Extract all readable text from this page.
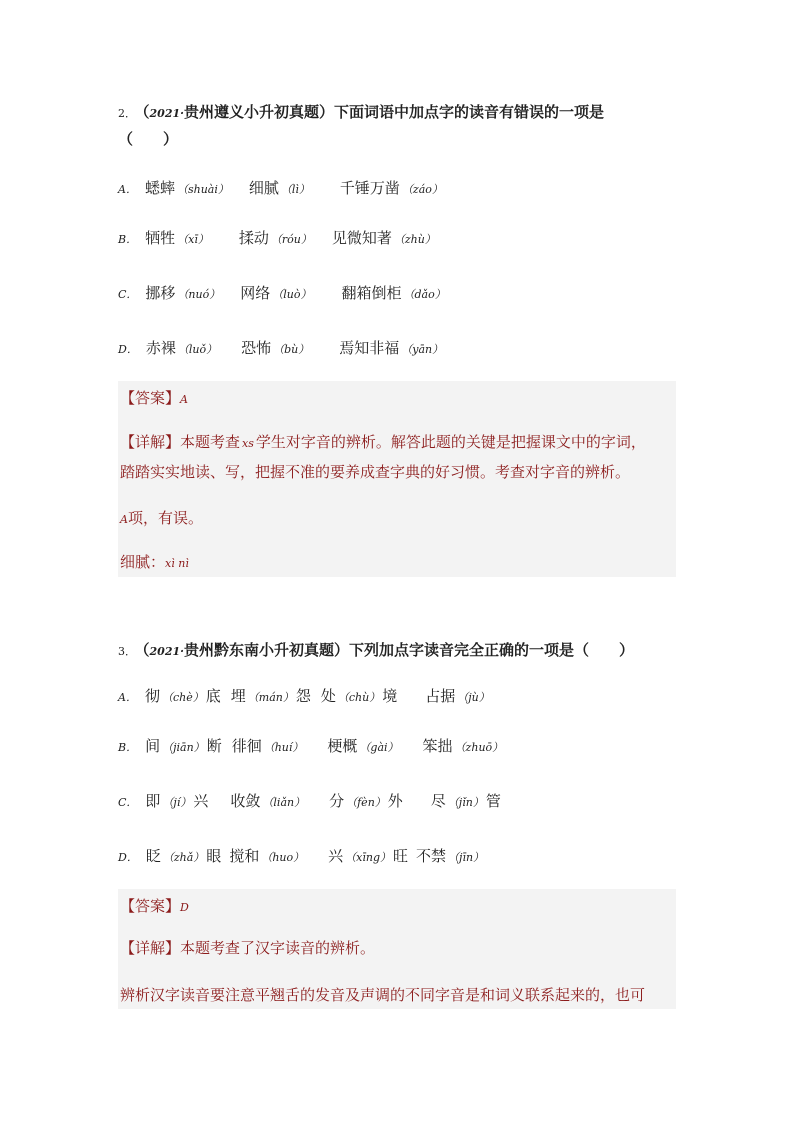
2． （2021·贵州遵义小升初真题）下面词语中加点字的读音有错误的一项是
（　　）
A． 蟋蟀 （shuài） 细腻 （lì） 千锤万凿 （záo）
B． 牺牲 （xī） 揉动 （róu） 见微知著 （zhù）
C． 挪移 （nuó） 网络 （luò） 翻箱倒柜 （dǎo）
D． 赤裸 （luǒ） 恐怖 （bù） 焉知非福 （yān）
【答案】A
【详解】本题考查 xs 学生对字音的辨析。解答此题的关键是把握课文中的字词，
踏踏实实地读、写，把握不准的要养成查字典的好习惯。考查对字音的辨析。
A项，有误。
细腻：xì nì
3． （2021·贵州黔东南小升初真题）下列加点字读音完全正确的一项是（　　）
A． 彻 （chè） 底 埋 （mán） 怨 处 （chù） 境 占据 （jù）
B． 间 （jiān） 断 徘徊 （huí） 梗概 （gài） 笨拙 （zhuō）
C． 即 （jí） 兴 收敛 （liǎn） 分 （fèn） 外 尽 （jǐn） 管
D． 眨 （zhǎ） 眼 搅和 （huo） 兴 （xīng） 旺 不禁 （jīn）
【答案】D
【详解】本题考查了汉字读音的辨析。
辨析汉字读音要注意平翘舌的发音及声调的不同字音是和词义联系起来的，也可
